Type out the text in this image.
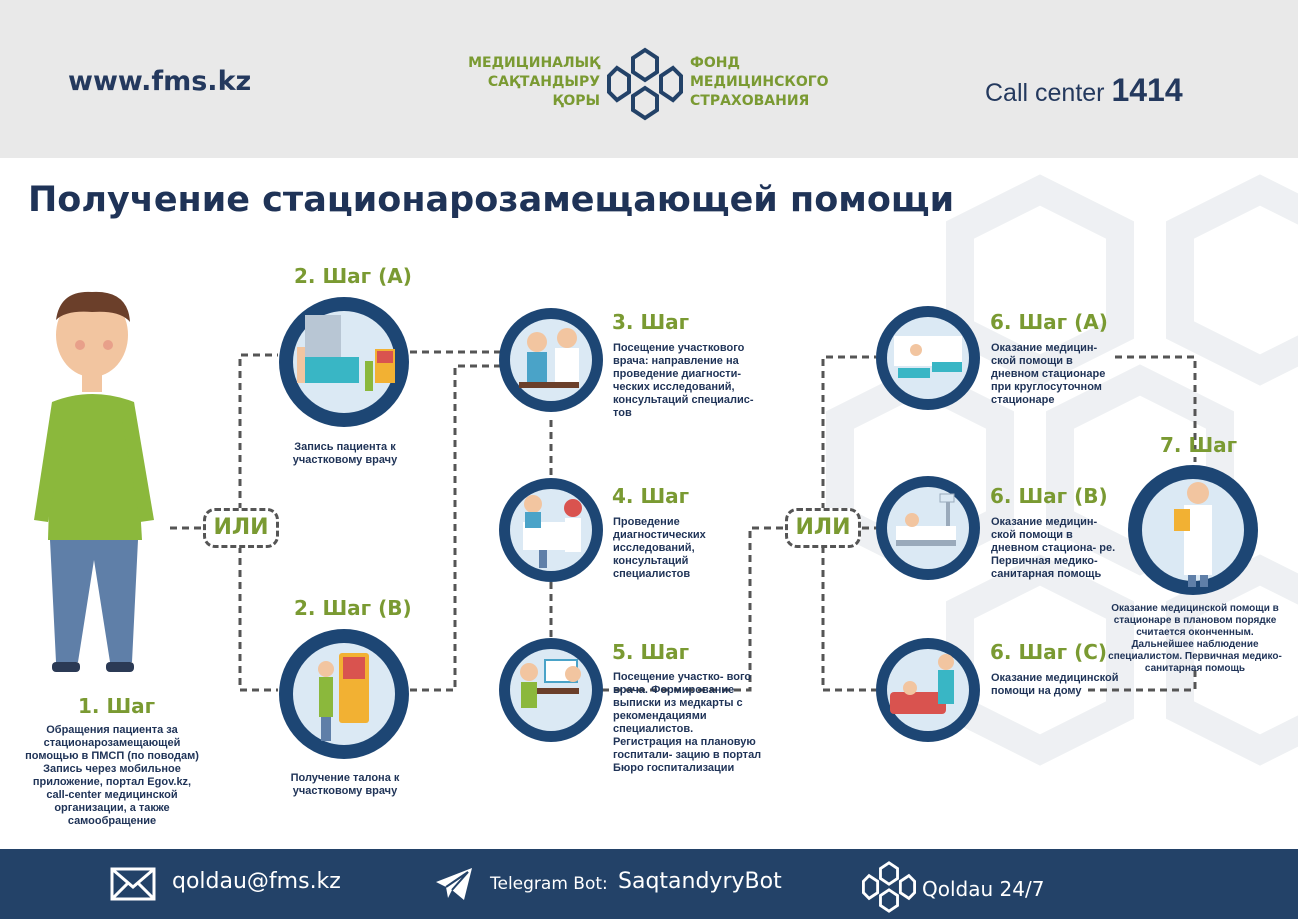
www.fms.kz
МЕДИЦИНАЛЫҚ
САҚТАНДЫРУ
ҚОРЫ
ФОНД
МЕДИЦИНСКОГО
СТРАХОВАНИЯ	Call center 1414
Получение стационарозамещающей помощи
ИЛИ	ИЛИ
1. Шаг
Обращения пациента за стационарозамещающей помощью в ПМСП (по поводам) Запись через мобильное приложение, портал Egov.kz, call-center медицинской организации, а также самообращение
2. Шаг (А)
Запись пациента к участковому врачу
2. Шаг (В)
Получение талона к участковому врачу
3. Шаг
Посещение участкового врача: направление на проведение диагности- ческих исследований, консультаций специалис- тов
4. Шаг
Проведение диагностических исследований, консультаций специалистов
5. Шаг
Посещение участко- вого врача. Формирование выписки из медкарты с рекомендациями специалистов. Регистрация на плановую госпитали- зацию в портал Бюро госпитализации
6. Шаг (А)
Оказание медицин- ской помощи в дневном стационаре при круглосуточном стационаре
6. Шаг (В)
Оказание медицин- ской помощи в дневном стациона- ре. Первичная медико-санитарная помощь
6. Шаг (С)
Оказание медицинской помощи на дому
7. Шаг
Оказание медицинской помощи в стационаре в плановом порядке считается оконченным. Дальнейшее наблюдение специалистом. Первичная медико-санитарная помощь
qoldau@fms.kz	Telegram Bot: SaqtandyryBot	Qoldau 24/7
